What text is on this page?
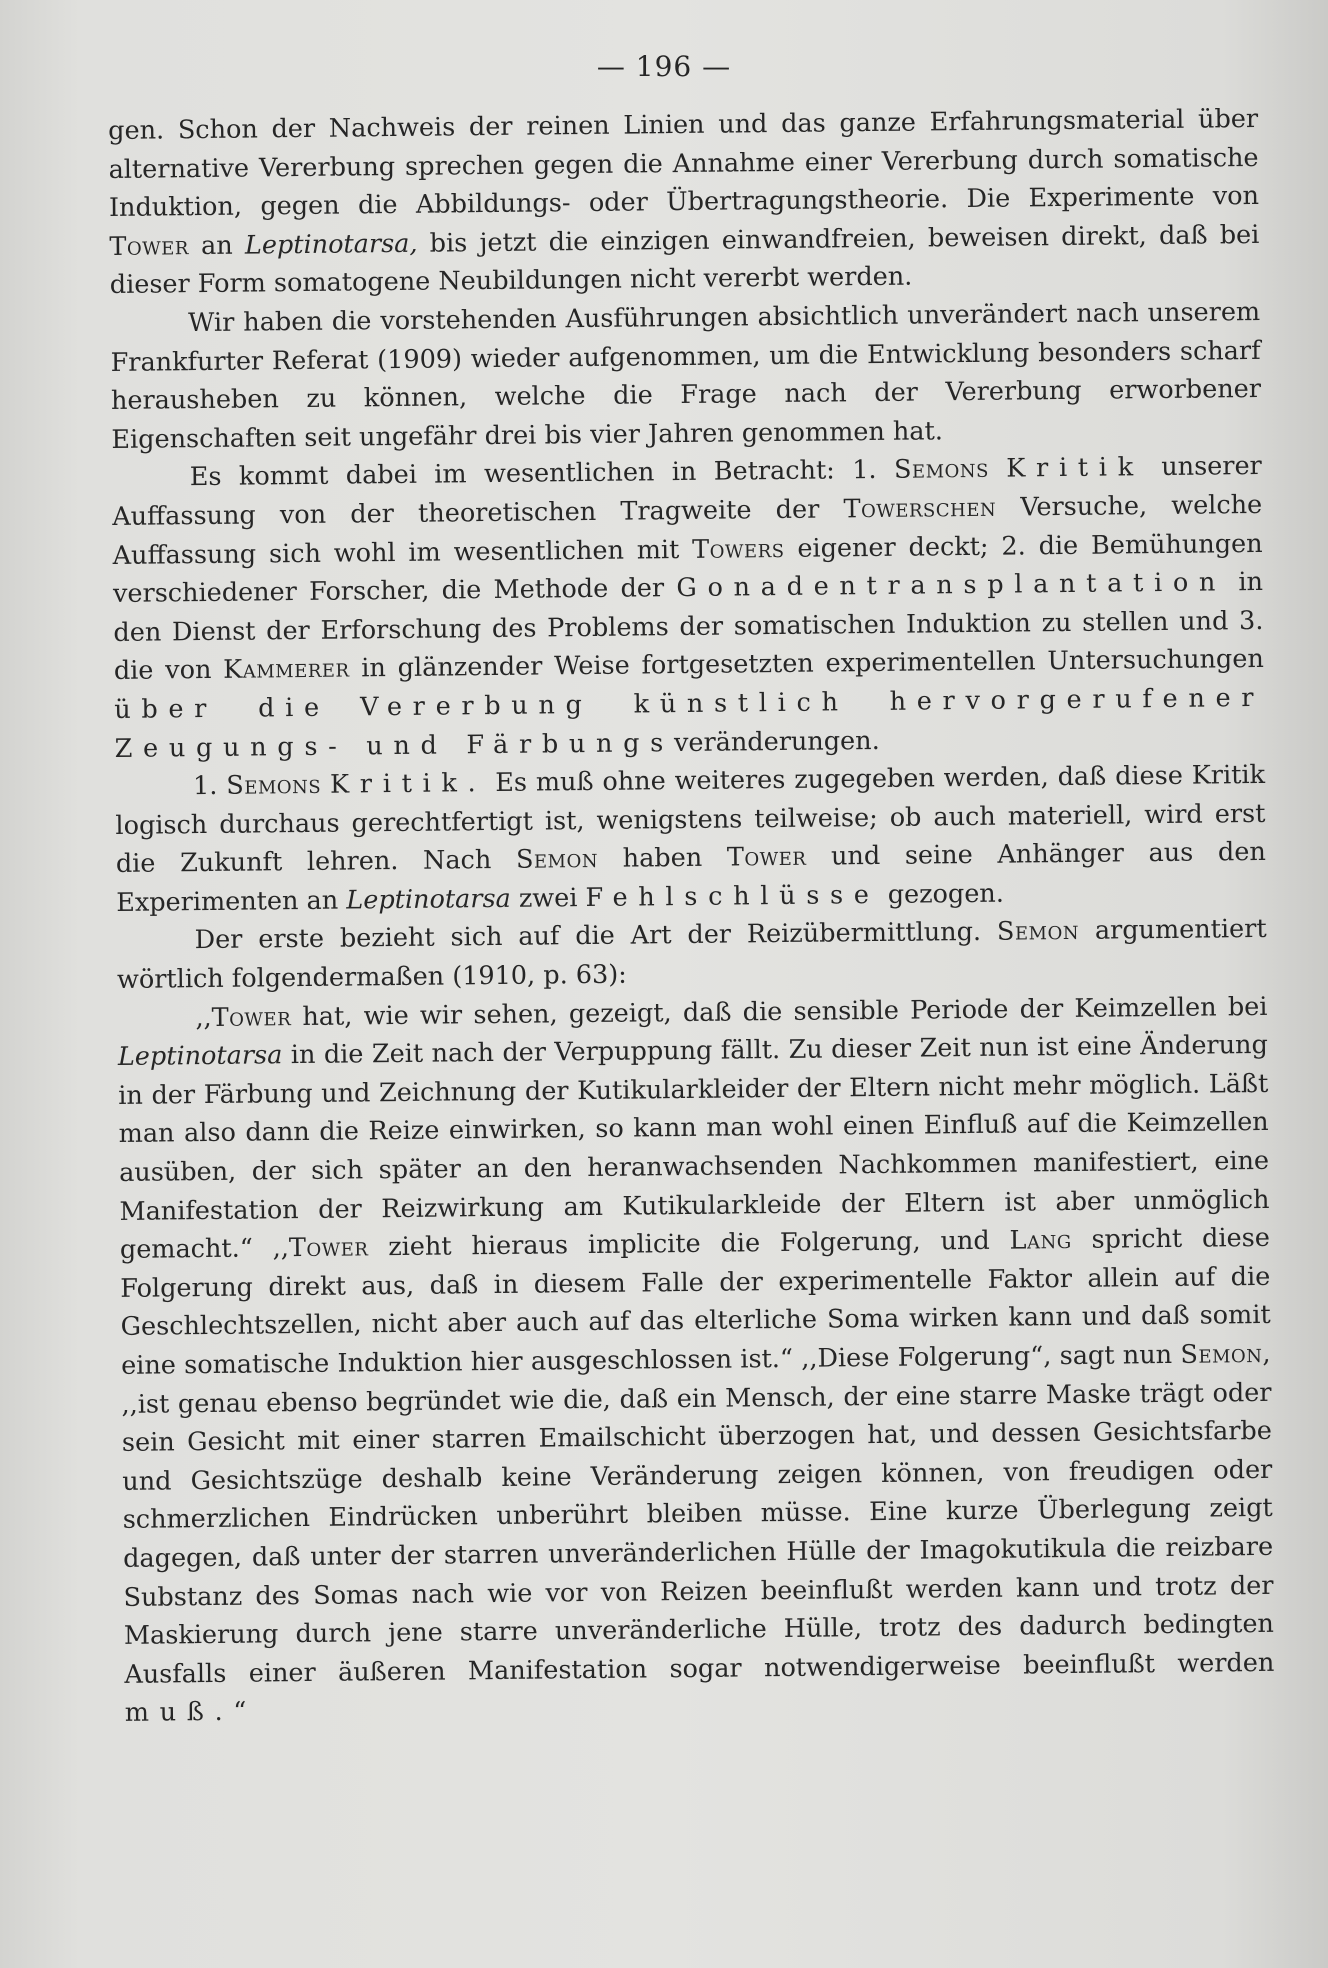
— 196 —

gen. Schon der Nachweis der reinen Linien und das ganze Erfahrungsmaterial über alternative Vererbung sprechen gegen die Annahme einer Vererbung durch somatische Induktion, gegen die Abbildungs- oder Übertragungstheorie. Die Experimente von Tower an Leptinotarsa, bis jetzt die einzigen einwandfreien, beweisen direkt, daß bei dieser Form somatogene Neubildungen nicht vererbt werden.

Wir haben die vorstehenden Ausführungen absichtlich unverändert nach unserem Frankfurter Referat (1909) wieder aufgenommen, um die Entwicklung besonders scharf herausheben zu können, welche die Frage nach der Vererbung erworbener Eigenschaften seit ungefähr drei bis vier Jahren genommen hat.

Es kommt dabei im wesentlichen in Betracht: 1. Semons Kritik unserer Auffassung von der theoretischen Tragweite der Towerschen Versuche, welche Auffassung sich wohl im wesentlichen mit Towers eigener deckt; 2. die Bemühungen verschiedener Forscher, die Methode der Gonadentransplantation in den Dienst der Erforschung des Problems der somatischen Induktion zu stellen und 3. die von Kammerer in glänzender Weise fortgesetzten experimentellen Untersuchungen über die Vererbung künstlich hervorgerufener Zeugungs- und Färbungsveränderungen.

1. Semons Kritik. Es muß ohne weiteres zugegeben werden, daß diese Kritik logisch durchaus gerechtfertigt ist, wenigstens teilweise; ob auch materiell, wird erst die Zukunft lehren. Nach Semon haben Tower und seine Anhänger aus den Experimenten an Leptinotarsa zwei Fehlschlüsse gezogen.

Der erste bezieht sich auf die Art der Reizübermittlung. Semon argumentiert wörtlich folgendermaßen (1910, p. 63):

,,Tower hat, wie wir sehen, gezeigt, daß die sensible Periode der Keimzellen bei Leptinotarsa in die Zeit nach der Verpuppung fällt. Zu dieser Zeit nun ist eine Änderung in der Färbung und Zeichnung der Kutikularkleider der Eltern nicht mehr möglich. Läßt man also dann die Reize einwirken, so kann man wohl einen Einfluß auf die Keimzellen ausüben, der sich später an den heranwachsenden Nachkommen manifestiert, eine Manifestation der Reizwirkung am Kutikularkleide der Eltern ist aber unmöglich gemacht.“ ,,Tower zieht hieraus implicite die Folgerung, und Lang spricht diese Folgerung direkt aus, daß in diesem Falle der experimentelle Faktor allein auf die Geschlechtszellen, nicht aber auch auf das elterliche Soma wirken kann und daß somit eine somatische Induktion hier ausgeschlossen ist.“ ,,Diese Folgerung“, sagt nun Semon, ,,ist genau ebenso begründet wie die, daß ein Mensch, der eine starre Maske trägt oder sein Gesicht mit einer starren Emailschicht überzogen hat, und dessen Gesichtsfarbe und Gesichtszüge deshalb keine Veränderung zeigen können, von freudigen oder schmerzlichen Eindrücken unberührt bleiben müsse. Eine kurze Überlegung zeigt dagegen, daß unter der starren unveränderlichen Hülle der Imagokutikula die reizbare Substanz des Somas nach wie vor von Reizen beeinflußt werden kann und trotz der Maskierung durch jene starre unveränderliche Hülle, trotz des dadurch bedingten Ausfalls einer äußeren Manifestation sogar notwendigerweise beeinflußt werden muß.“
